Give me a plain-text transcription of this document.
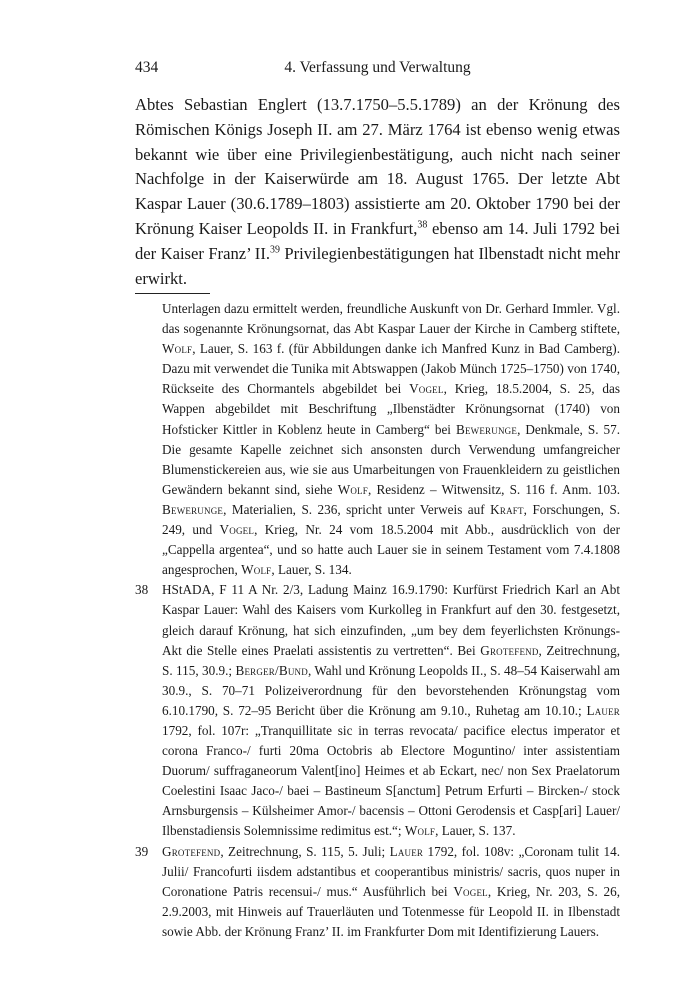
434	4. Verfassung und Verwaltung

Abtes Sebastian Englert (13.7.1750–5.5.1789) an der Krönung des Römischen Königs Joseph II. am 27. März 1764 ist ebenso wenig etwas bekannt wie über eine Privilegienbestätigung, auch nicht nach seiner Nachfolge in der Kaiserwürde am 18. August 1765. Der letzte Abt Kaspar Lauer (30.6.1789–1803) assistierte am 20. Oktober 1790 bei der Krönung Kaiser Leopolds II. in Frankfurt,$^{38}$ ebenso am 14. Juli 1792 bei der Kaiser Franz’ II.$^{39}$ Privilegienbestätigungen hat Ilbenstadt nicht mehr erwirkt.

Unterlagen dazu ermittelt werden, freundliche Auskunft von Dr. Gerhard Immler. Vgl. das sogenannte Krönungsornat, das Abt Kaspar Lauer der Kirche in Camberg stiftete, Wolf, Lauer, S. 163 f. (für Abbildungen danke ich Manfred Kunz in Bad Camberg). Dazu mit verwendet die Tunika mit Abtswappen (Jakob Münch 1725–1750) von 1740, Rückseite des Chormantels abgebildet bei Vogel, Krieg, 18.5.2004, S. 25, das Wappen abgebildet mit Beschriftung „Ilbenstädter Krönungsornat (1740) von Hofsticker Kittler in Koblenz heute in Camberg“ bei Bewerunge, Denkmale, S. 57. Die gesamte Kapelle zeichnet sich ansonsten durch Verwendung umfangreicher Blumenstickereien aus, wie sie aus Umarbeitungen von Frauenkleidern zu geistlichen Gewändern bekannt sind, siehe Wolf, Residenz – Witwensitz, S. 116 f. Anm. 103. Bewerunge, Materialien, S. 236, spricht unter Verweis auf Kraft, Forschungen, S. 249, und Vogel, Krieg, Nr. 24 vom 18.5.2004 mit Abb., ausdrücklich von der „Cappella argentea“, und so hatte auch Lauer sie in seinem Testament vom 7.4.1808 angesprochen, Wolf, Lauer, S. 134.
38 HStADA, F 11 A Nr. 2/3, Ladung Mainz 16.9.1790: Kurfürst Friedrich Karl an Abt Kaspar Lauer: Wahl des Kaisers vom Kurkolleg in Frankfurt auf den 30. festgesetzt, gleich darauf Krönung, hat sich einzufinden, „um bey dem feyerlichsten Krönungs-Akt die Stelle eines Praelati assistentis zu vertretten“. Bei Grotefend, Zeitrechnung, S. 115, 30.9.; Berger/Bund, Wahl und Krönung Leopolds II., S. 48–54 Kaiserwahl am 30.9., S. 70–71 Polizeiverordnung für den bevorstehenden Krönungstag vom 6.10.1790, S. 72–95 Bericht über die Krönung am 9.10., Ruhetag am 10.10.; Lauer 1792, fol. 107r: „Tranquillitate sic in terras revocata/ pacifice electus imperator et corona Franco-/ furti 20ma Octobris ab Electore Moguntino/ inter assistentiam Duorum/ suffraganeorum Valent[ino] Heimes et ab Eckart, nec/ non Sex Praelatorum Coelestini Isaac Jaco-/ baei – Bastineum S[anctum] Petrum Erfurti – Bircken-/ stock Arnsburgensis – Külsheimer Amor-/ bacensis – Ottoni Gerodensis et Casp[ari] Lauer/ Ilbenstadiensis Solemnissime redimitus est.“; Wolf, Lauer, S. 137.
39 Grotefend, Zeitrechnung, S. 115, 5. Juli; Lauer 1792, fol. 108v: „Coronam tulit 14. Julii/ Francofurti iisdem adstantibus et cooperantibus ministris/ sacris, quos nuper in Coronatione Patris recensui-/ mus.“ Ausführlich bei Vogel, Krieg, Nr. 203, S. 26, 2.9.2003, mit Hinweis auf Trauerläuten und Totenmesse für Leopold II. in Ilbenstadt sowie Abb. der Krönung Franz’ II. im Frankfurter Dom mit Identifizierung Lauers.
